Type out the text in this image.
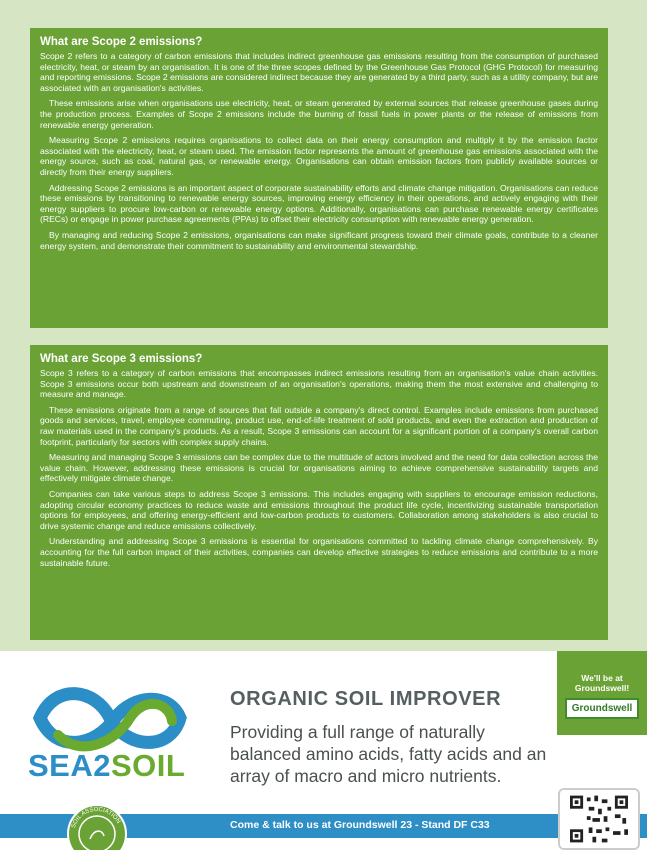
What are Scope 2 emissions?

Scope 2 refers to a category of carbon emissions that includes indirect greenhouse gas emissions resulting from the consumption of purchased electricity, heat, or steam by an organisation. It is one of the three scopes defined by the Greenhouse Gas Protocol (GHG Protocol) for measuring and reporting emissions. Scope 2 emissions are considered indirect because they are generated by a third party, such as a utility company, but are associated with an organisation's activities.

These emissions arise when organisations use electricity, heat, or steam generated by external sources that release greenhouse gases during the production process. Examples of Scope 2 emissions include the burning of fossil fuels in power plants or the release of emissions from renewable energy generation.

Measuring Scope 2 emissions requires organisations to collect data on their energy consumption and multiply it by the emission factor associated with the electricity, heat, or steam used. The emission factor represents the amount of greenhouse gas emissions associated with the energy source, such as coal, natural gas, or renewable energy. Organisations can obtain emission factors from publicly available sources or directly from their energy suppliers.

Addressing Scope 2 emissions is an important aspect of corporate sustainability efforts and climate change mitigation. Organisations can reduce these emissions by transitioning to renewable energy sources, improving energy efficiency in their operations, and actively engaging with their energy suppliers to procure low-carbon or renewable energy options. Additionally, organisations can purchase renewable energy certificates (RECs) or engage in power purchase agreements (PPAs) to offset their electricity consumption with renewable energy generation.

By managing and reducing Scope 2 emissions, organisations can make significant progress toward their climate goals, contribute to a cleaner energy system, and demonstrate their commitment to sustainability and environmental stewardship.

What are Scope 3 emissions?

Scope 3 refers to a category of carbon emissions that encompasses indirect emissions resulting from an organisation's value chain activities. Scope 3 emissions occur both upstream and downstream of an organisation's operations, making them the most extensive and challenging to measure and manage.

These emissions originate from a range of sources that fall outside a company's direct control. Examples include emissions from purchased goods and services, travel, employee commuting, product use, end-of-life treatment of sold products, and even the extraction and production of raw materials used in the company's products. As a result, Scope 3 emissions can account for a significant portion of a company's overall carbon footprint, particularly for sectors with complex supply chains.

Measuring and managing Scope 3 emissions can be complex due to the multitude of actors involved and the need for data collection across the value chain. However, addressing these emissions is crucial for organisations aiming to achieve comprehensive sustainability targets and effectively mitigate climate change.

Companies can take various steps to address Scope 3 emissions. This includes engaging with suppliers to encourage emission reductions, adopting circular economy practices to reduce waste and emissions throughout the product life cycle, incentivizing sustainable transportation options for employees, and offering energy-efficient and low-carbon products to customers. Collaboration among stakeholders is also crucial to drive systemic change and reduce emissions collectively.

Understanding and addressing Scope 3 emissions is essential for organisations committed to tackling climate change comprehensively. By accounting for the full carbon impact of their activities, companies can develop effective strategies to reduce emissions and contribute to a more sustainable future.

SEA2SOIL
ORGANIC SOIL IMPROVER
Providing a full range of naturally balanced amino acids, fatty acids and an array of macro and micro nutrients.
We'll be at
Groundswell!
Groundswell
Come & talk to us at Groundswell 23 - Stand DF C33
SOIL ASSOCIATION
